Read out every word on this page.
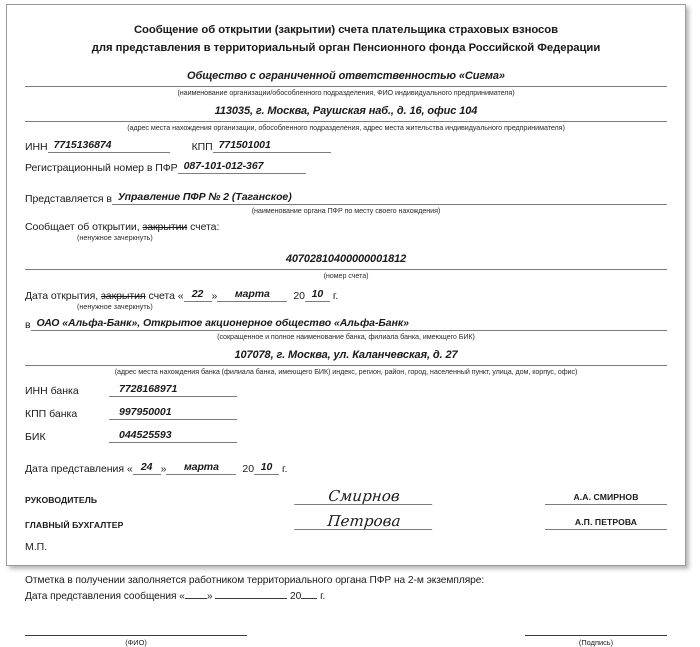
Сообщение об открытии (закрытии) счета плательщика страховых взносов
для представления в территориальный орган Пенсионного фонда Российской Федерации
Общество с ограниченной ответственностью «Сигма»
(наименование организации/обособленного подразделения, ФИО индивидуального предпринимателя)
113035, г. Москва, Раушская наб., д. 16, офис 104
(адрес места нахождения организации, обособленного подразделения, адрес места жительства индивидуального предпринимателя)
ИНН 7715136874	КПП 771501001
Регистрационный номер в ПФР 087-101-012-367
Представляется в Управление ПФР № 2 (Таганское)
(наименование органа ПФР по месту своего нахождения)
Сообщает об открытии,
закрытии счета:
(ненужное зачеркнуть)
40702810400000001812
(номер счета)
Дата открытия, закрытия счета « 22 »	марта	20 10 г.
(ненужное зачеркнуть)
в ОАО «Альфа-Банк», Открытое акционерное общество «Альфа-Банк»
(сокращенное и полное наименование банка, филиала банка, имеющего БИК)
107078, г. Москва, ул. Каланчевская, д. 27
(адрес места нахождения банка (филиала банка, имеющего БИК) индекс, регион, район, город, населенный пункт, улица, дом, корпус, офис)
ИНН банка	7728168971
КПП банка	997950001
БИК	044525593
Дата представления « 24 »	марта	20 10 г.
РУКОВОДИТЕЛЬ	Смирнов	А.А. СМИРНОВ
ГЛАВНЫЙ БУХГАЛТЕР	Петрова	А.П. ПЕТРОВА
М.П.
Отметка в получении заполняется работником территориального органа ПФР на 2-м экземпляре:
Дата представления сообщения « »	20 г.
(ФИО)	(Подпись)
